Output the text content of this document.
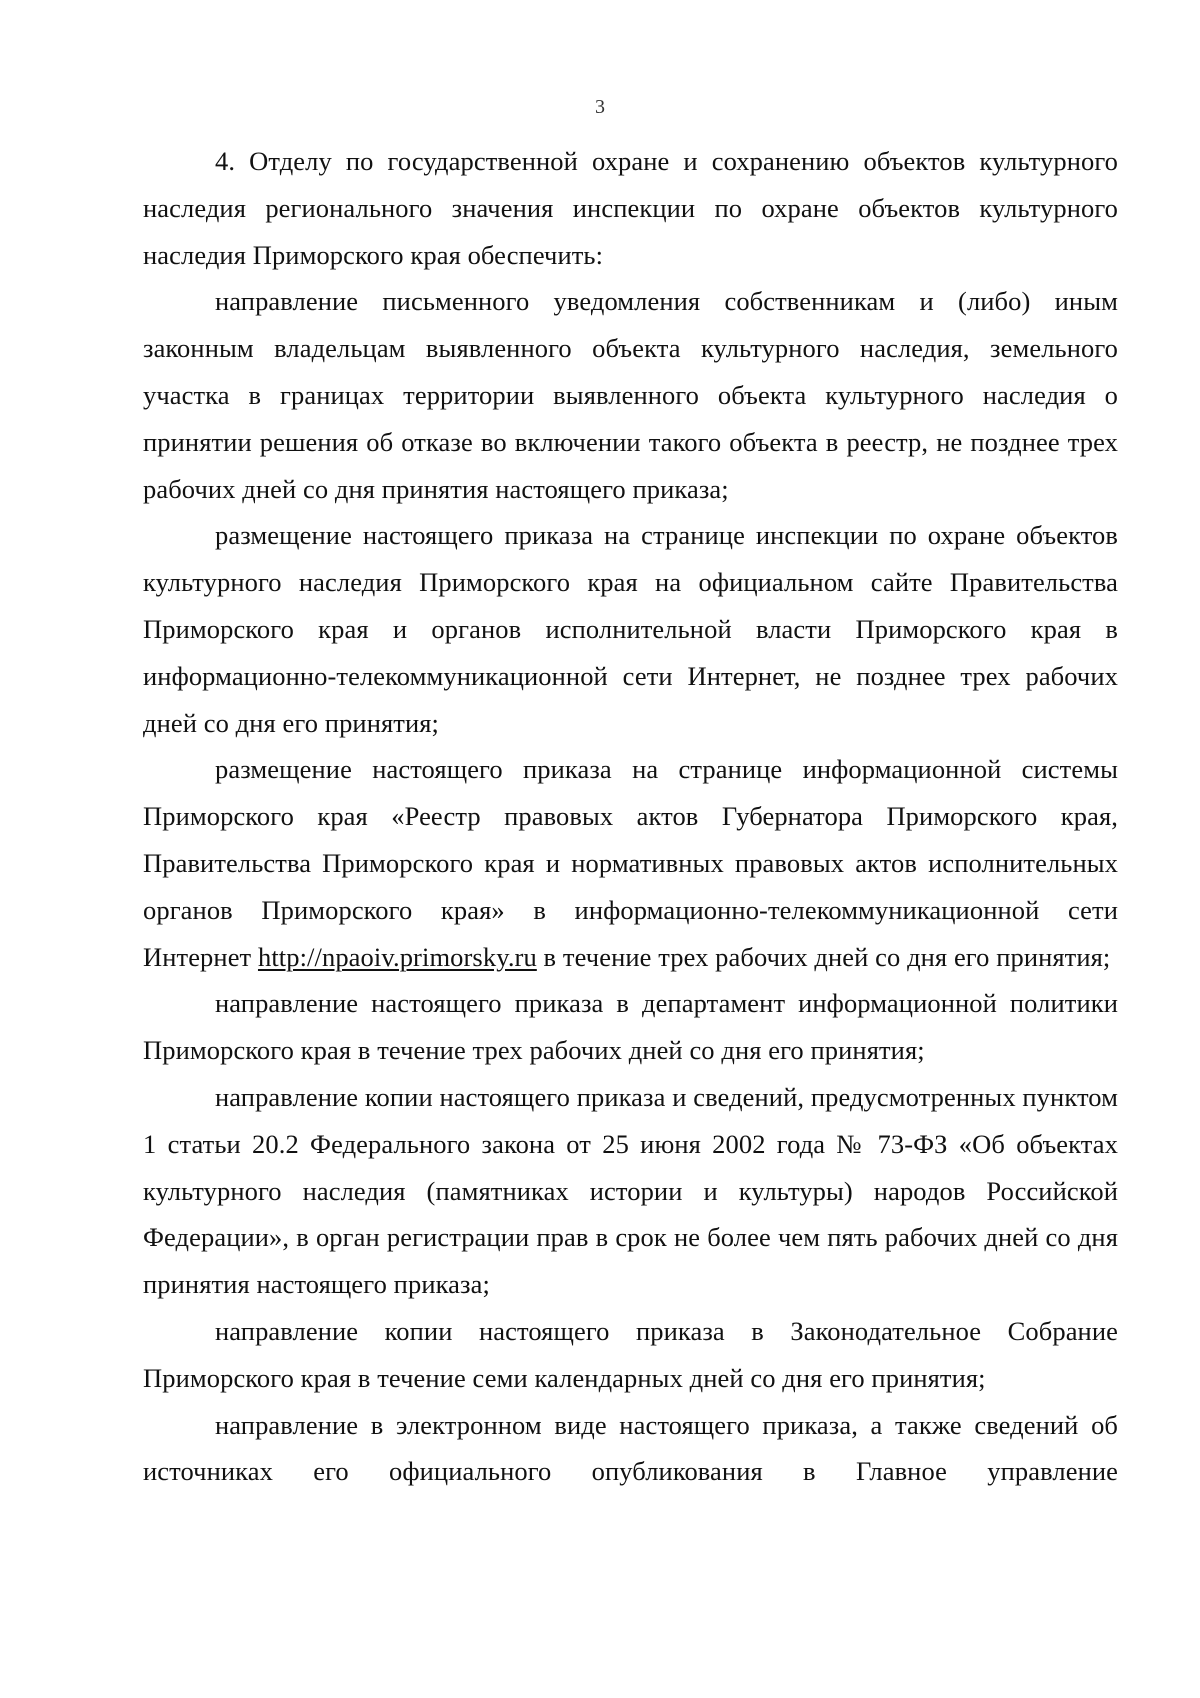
3

4. Отделу по государственной охране и сохранению объектов культурного наследия регионального значения инспекции по охране объектов культурного наследия Приморского края обеспечить:

направление письменного уведомления собственникам и (либо) иным законным владельцам выявленного объекта культурного наследия, земельного участка в границах территории выявленного объекта культурного наследия о принятии решения об отказе во включении такого объекта в реестр, не позднее трех рабочих дней со дня принятия настоящего приказа;

размещение настоящего приказа на странице инспекции по охране объектов культурного наследия Приморского края на официальном сайте Правительства Приморского края и органов исполнительной власти Приморского края в информационно-телекоммуникационной сети Интернет, не позднее трех рабочих дней со дня его принятия;

размещение настоящего приказа на странице информационной системы Приморского края «Реестр правовых актов Губернатора Приморского края, Правительства Приморского края и нормативных правовых актов исполнительных органов Приморского края» в информационно-телекоммуникационной сети Интернет http://npaoiv.primorsky.ru в течение трех рабочих дней со дня его принятия;

направление настоящего приказа в департамент информационной политики Приморского края в течение трех рабочих дней со дня его принятия;

направление копии настоящего приказа и сведений, предусмотренных пунктом 1 статьи 20.2 Федерального закона от 25 июня 2002 года № 73-ФЗ «Об объектах культурного наследия (памятниках истории и культуры) народов Российской Федерации», в орган регистрации прав в срок не более чем пять рабочих дней со дня принятия настоящего приказа;

направление копии настоящего приказа в Законодательное Собрание Приморского края в течение семи календарных дней со дня его принятия;

направление в электронном виде настоящего приказа, а также сведений об источниках его официального опубликования в Главное управление
